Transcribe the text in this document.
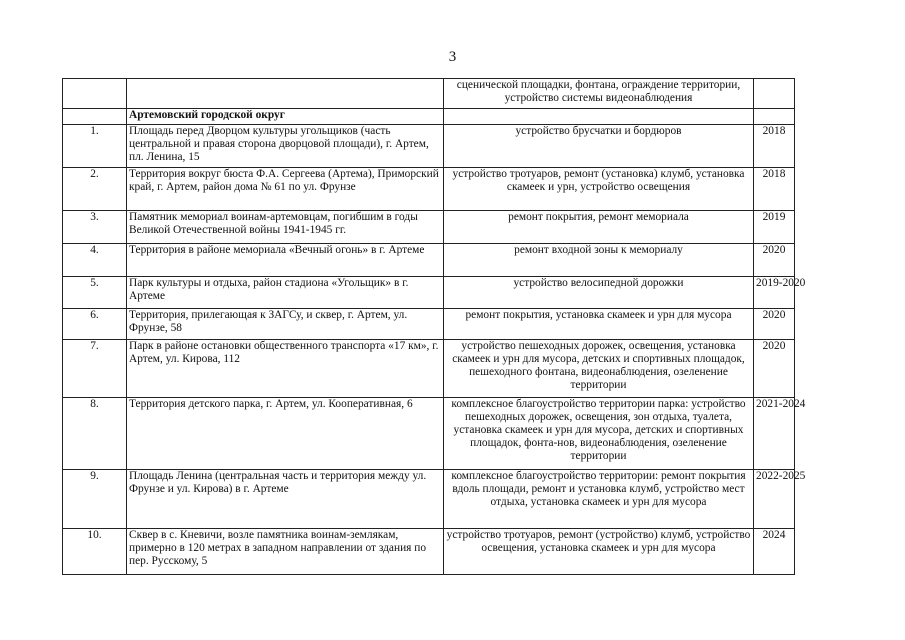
3
		сценической площадки, фонтана, ограждение территории, устройство системы видеонаблюдения	
	Артемовский городской округ		
1.	Площадь перед Дворцом культуры угольщиков (часть центральной и правая сторона дворцовой площади), г. Артем, пл. Ленина, 15	устройство брусчатки и бордюров	2018
2.	Территория вокруг бюста Ф.А. Сергеева (Артема), Приморский край, г. Артем, район дома № 61 по ул. Фрунзе	устройство тротуаров, ремонт (установка) клумб, установка скамеек и урн, устройство освещения	2018
3.	Памятник мемориал воинам-артемовцам, погибшим в годы Великой Отечественной войны 1941-1945 гг.	ремонт покрытия, ремонт мемориала	2019
4.	Территория в районе мемориала «Вечный огонь» в г. Артеме	ремонт входной зоны к мемориалу	2020
5.	Парк культуры и отдыха, район стадиона «Угольщик» в г. Артеме	устройство велосипедной дорожки	2019-2020
6.	Территория, прилегающая к ЗАГСу, и сквер, г. Артем, ул. Фрунзе, 58	ремонт покрытия, установка скамеек и урн для мусора	2020
7.	Парк в районе остановки общественного транспорта «17 км», г. Артем, ул. Кирова, 112	устройство пешеходных дорожек, освещения, установка скамеек и урн для мусора, детских и спортивных площадок, пешеходного фонтана, видеонаблюдения, озеленение территории	2020
8.	Территория детского парка, г. Артем, ул. Кооперативная, 6	комплексное благоустройство территории парка: устройство пешеходных дорожек, освещения, зон отдыха, туалета, установка скамеек и урн для мусора, детских и спортивных площадок, фонта-нов, видеонаблюдения, озеленение территории	2021-2024
9.	Площадь Ленина (центральная часть и территория между ул. Фрунзе и ул. Кирова) в г. Артеме	комплексное благоустройство территории: ремонт покрытия вдоль площади, ремонт и установка клумб, устройство мест отдыха, установка скамеек и урн для мусора	2022-2025
10.	Сквер в с. Кневичи, возле памятника воинам-землякам, примерно в 120 метрах в западном направлении от здания по пер. Русскому, 5	устройство тротуаров, ремонт (устройство) клумб, устройство освещения, установка скамеек и урн для мусора	2024
